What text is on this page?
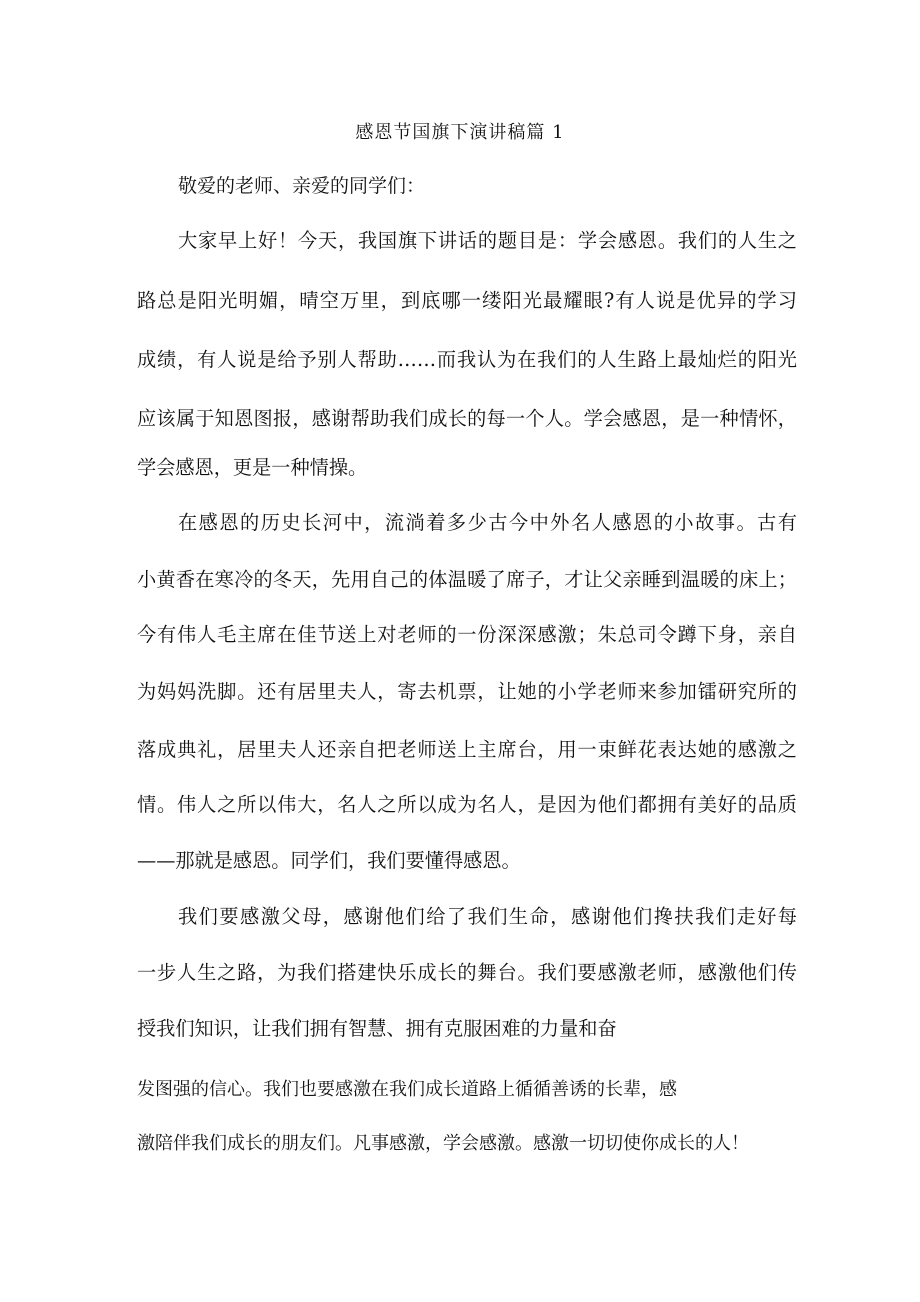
感恩节国旗下演讲稿篇 1
敬爱的老师、亲爱的同学们：
大家早上好！今天，我国旗下讲话的题目是：学会感恩。我们的人生之
路总是阳光明媚，晴空万里，到底哪一缕阳光最耀眼?有人说是优异的学习
成绩，有人说是给予别人帮助……而我认为在我们的人生路上最灿烂的阳光
应该属于知恩图报，感谢帮助我们成长的每一个人。学会感恩，是一种情怀，
学会感恩，更是一种情操。
在感恩的历史长河中，流淌着多少古今中外名人感恩的小故事。古有
小黄香在寒冷的冬天，先用自己的体温暖了席子，才让父亲睡到温暖的床上；
今有伟人毛主席在佳节送上对老师的一份深深感激；朱总司令蹲下身，亲自
为妈妈洗脚。还有居里夫人，寄去机票，让她的小学老师来参加镭研究所的
落成典礼，居里夫人还亲自把老师送上主席台，用一束鲜花表达她的感激之
情。伟人之所以伟大，名人之所以成为名人，是因为他们都拥有美好的品质
——那就是感恩。同学们，我们要懂得感恩。
我们要感激父母，感谢他们给了我们生命，感谢他们搀扶我们走好每
一步人生之路，为我们搭建快乐成长的舞台。我们要感激老师，感激他们传
授我们知识，让我们拥有智慧、拥有克服困难的力量和奋
发图强的信心。我们也要感激在我们成长道路上循循善诱的长辈，感
激陪伴我们成长的朋友们。凡事感激，学会感激。感激一切切使你成长的人！
